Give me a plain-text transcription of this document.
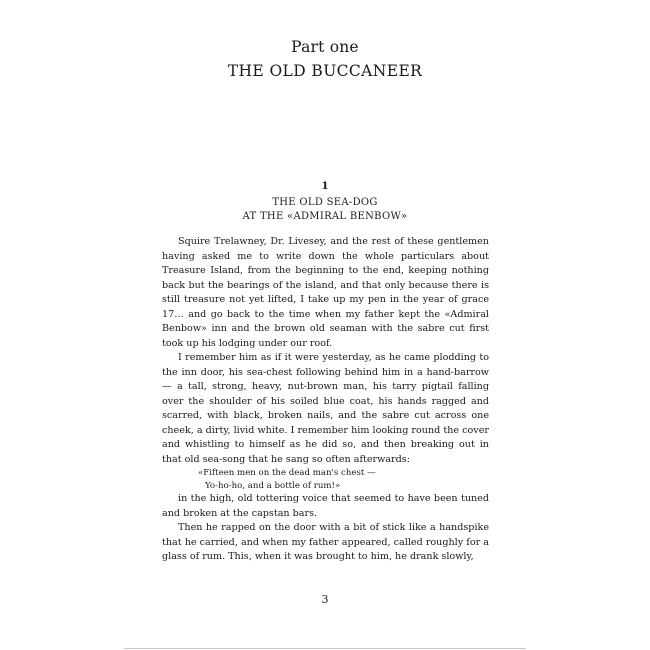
Part one
THE OLD BUCCANEER
1
THE OLD SEA-DOG
AT THE «ADMIRAL BENBOW»

Squire Trelawney, Dr. Livesey, and the rest of these gentlemen having asked me to write down the whole particulars about Treasure Island, from the beginning to the end, keeping nothing back but the bearings of the island, and that only because there is still treasure not yet lifted, I take up my pen in the year of grace 17… and go back to the time when my father kept the «Admiral Benbow» inn and the brown old seaman with the sabre cut first took up his lodging under our roof.

I remember him as if it were yesterday, as he came plodding to the inn door, his sea-chest following behind him in a hand-barrow — a tall, strong, heavy, nut-brown man, his tarry pigtail falling over the shoulder of his soiled blue coat, his hands ragged and scarred, with black, broken nails, and the sabre cut across one cheek, a dirty, livid white. I remember him looking round the cover and whistling to himself as he did so, and then breaking out in that old sea-song that he sang so often afterwards:

«Fifteen men on the dead man's chest —
Yo-ho-ho, and a bottle of rum!»

in the high, old tottering voice that seemed to have been tuned and broken at the capstan bars.

Then he rapped on the door with a bit of stick like a handspike that he carried, and when my father appeared, called roughly for a glass of rum. This, when it was brought to him, he drank slowly,

3
